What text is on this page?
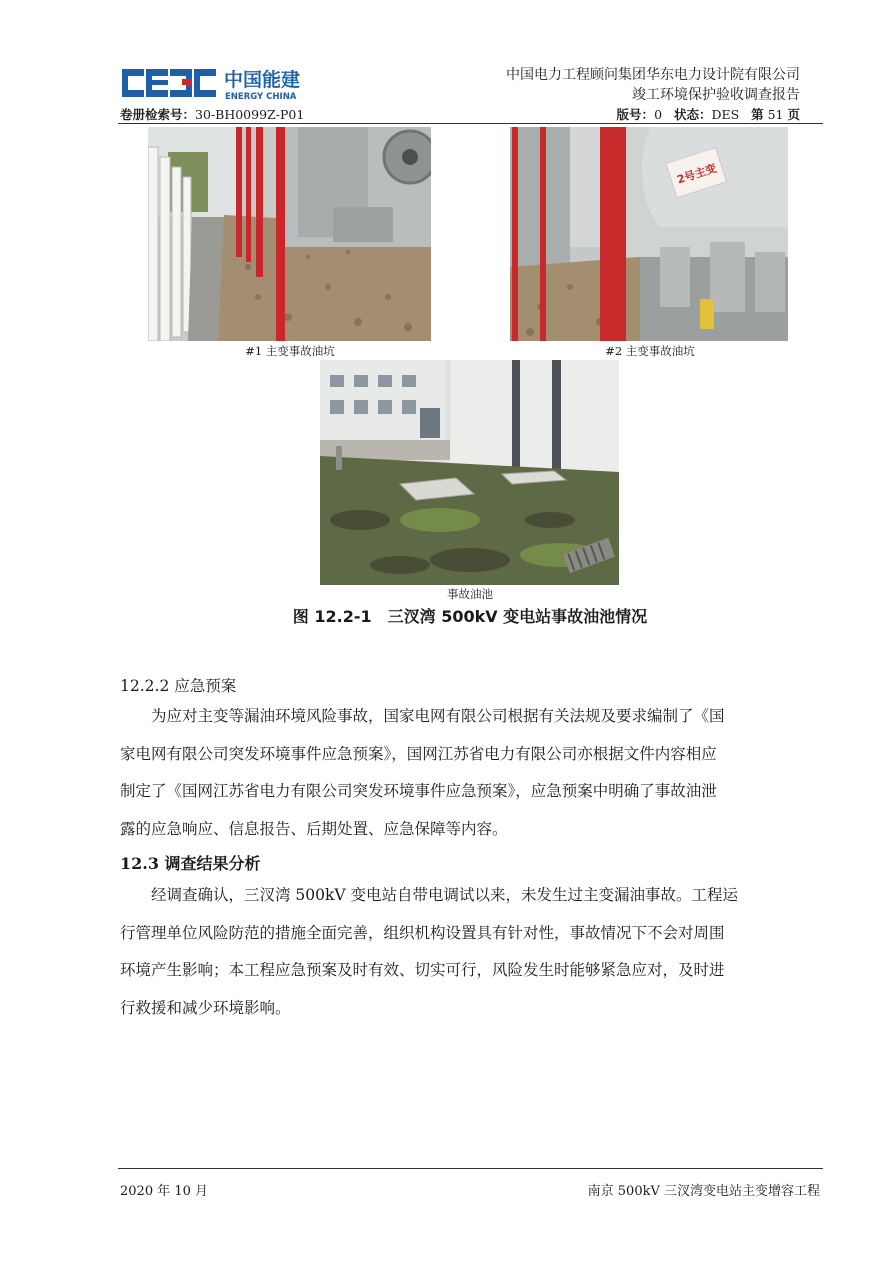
中国能建
ENERGY CHINA
中国电力工程顾问集团华东电力设计院有限公司
竣工环境保护验收调查报告
卷册检索号：30-BH0099Z-P01	版号：0 状态：DES 第 51 页
#1 主变事故油坑
2号主变
#2 主变事故油坑
事故油池
图 12.2-1　三汊湾 500kV 变电站事故油池情况
12.2.2 应急预案

　　为应对主变等漏油环境风险事故，国家电网有限公司根据有关法规及要求编制了《国

家电网有限公司突发环境事件应急预案》，国网江苏省电力有限公司亦根据文件内容相应

制定了《国网江苏省电力有限公司突发环境事件应急预案》，应急预案中明确了事故油泄

露的应急响应、信息报告、后期处置、应急保障等内容。

12.3 调查结果分析

　　经调查确认，三汊湾 500kV 变电站自带电调试以来，未发生过主变漏油事故。工程运

行管理单位风险防范的措施全面完善，组织机构设置具有针对性，事故情况下不会对周围

环境产生影响；本工程应急预案及时有效、切实可行，风险发生时能够紧急应对，及时进

行救援和减少环境影响。

2020 年 10 月	南京 500kV 三汊湾变电站主变增容工程
